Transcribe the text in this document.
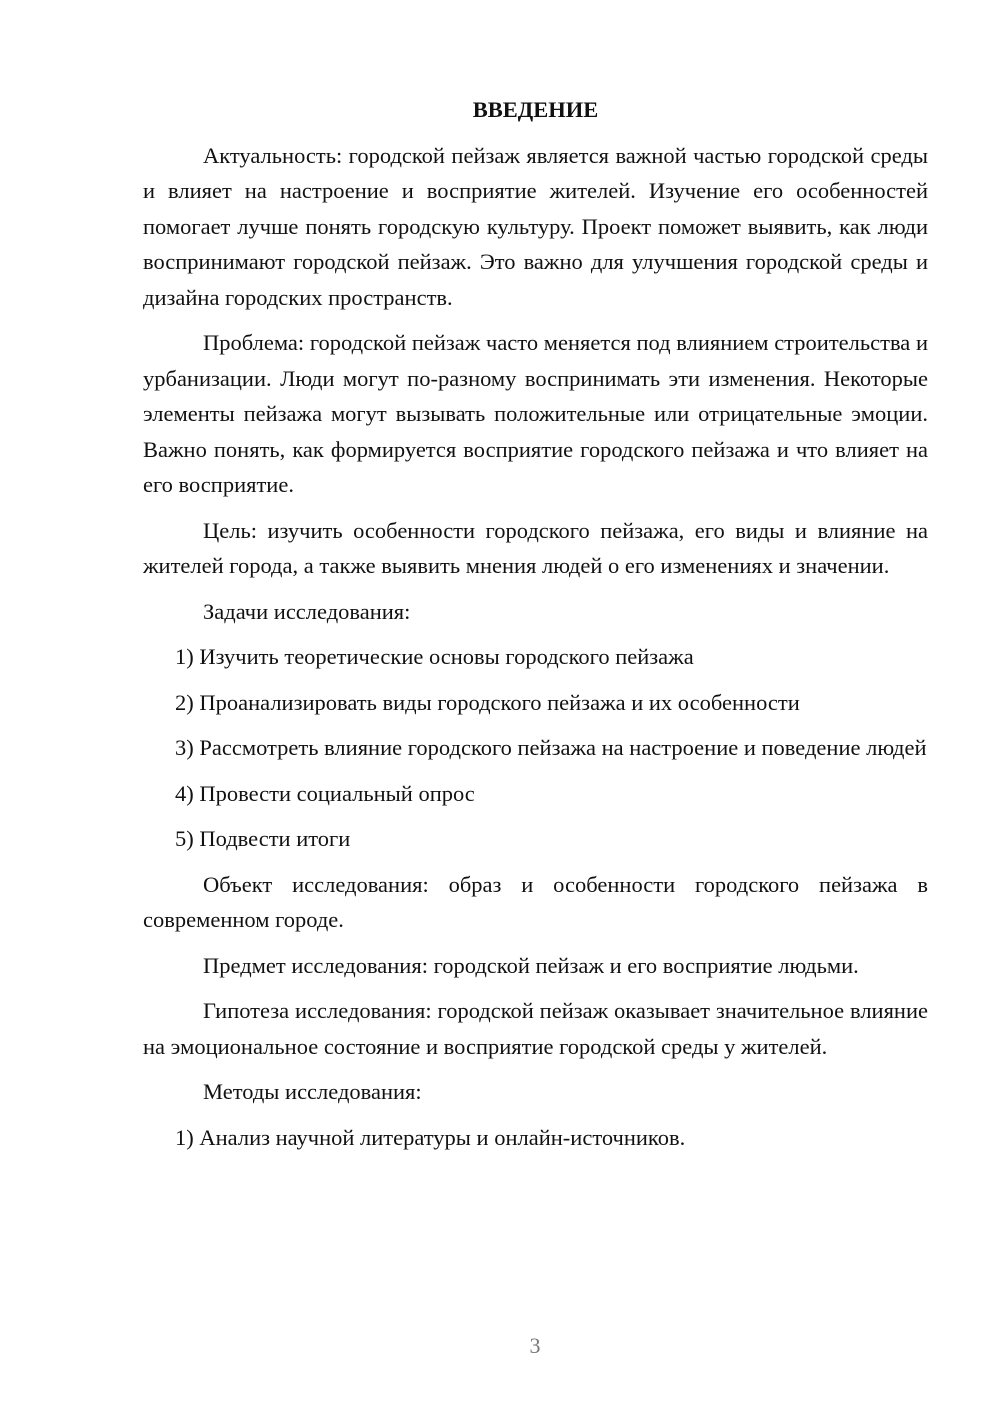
ВВЕДЕНИЕ

Актуальность: городской пейзаж является важной частью городской среды и влияет на настроение и восприятие жителей. Изучение его особенностей помогает лучше понять городскую культуру. Проект поможет выявить, как люди воспринимают городской пейзаж. Это важно для улучшения городской среды и дизайна городских пространств.

Проблема: городской пейзаж часто меняется под влиянием строительства и урбанизации. Люди могут по-разному воспринимать эти изменения. Некоторые элементы пейзажа могут вызывать положительные или отрицательные эмоции. Важно понять, как формируется восприятие городского пейзажа и что влияет на его восприятие.

Цель: изучить особенности городского пейзажа, его виды и влияние на жителей города, а также выявить мнения людей о его изменениях и значении.

Задачи исследования:

1) Изучить теоретические основы городского пейзажа

2) Проанализировать виды городского пейзажа и их особенности

3) Рассмотреть влияние городского пейзажа на настроение и поведение людей

4) Провести социальный опрос

5) Подвести итоги

Объект исследования: образ и особенности городского пейзажа в современном городе.

Предмет исследования: городской пейзаж и его восприятие людьми.

Гипотеза исследования: городской пейзаж оказывает значительное влияние на эмоциональное состояние и восприятие городской среды у жителей.

Методы исследования:

1) Анализ научной литературы и онлайн-источников.

3
